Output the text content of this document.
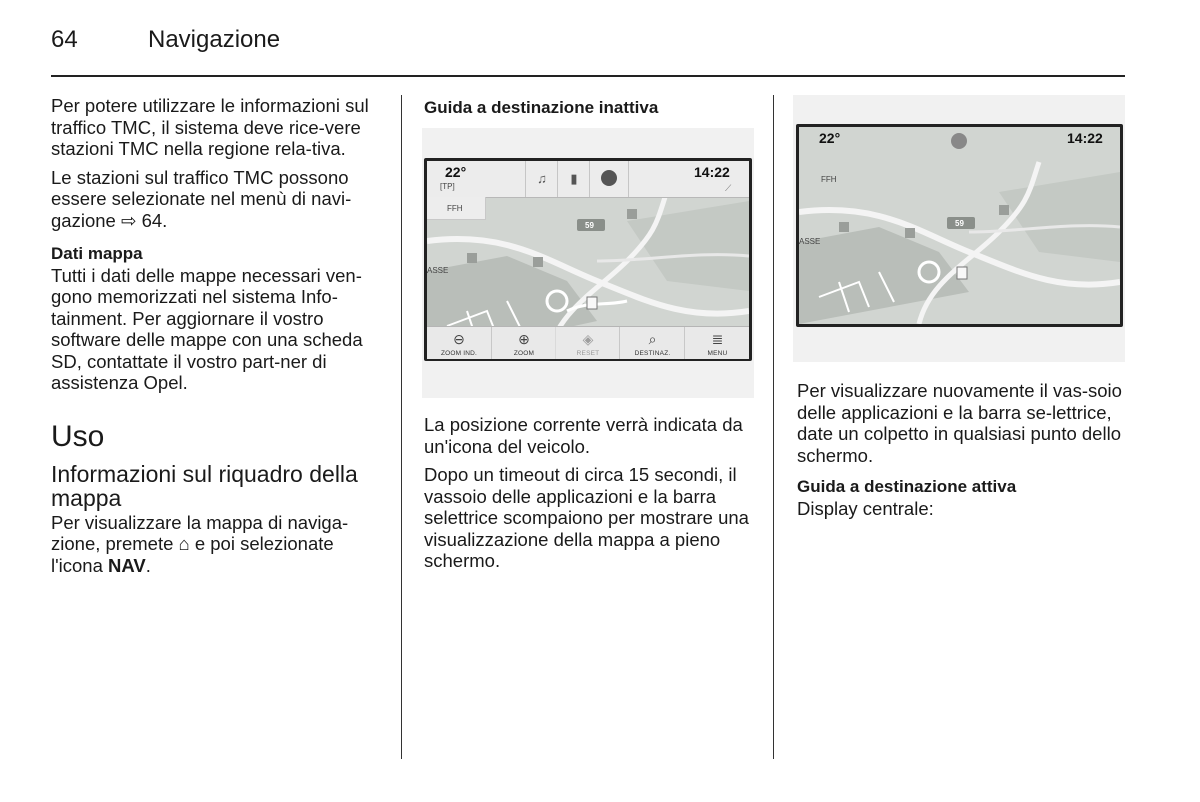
64	Navigazione

Per potere utilizzare le informazioni sul traffico TMC, il sistema deve rice-vere stazioni TMC nella regione rela-tiva.

Le stazioni sul traffico TMC possono essere selezionate nel menù di navi-gazione ⇨ 64.

Dati mappa

Tutti i dati delle mappe necessari ven-gono memorizzati nel sistema Info-tainment. Per aggiornare il vostro software delle mappe con una scheda SD, contattate il vostro part-ner di assistenza Opel.

Uso
Informazioni sul riquadro della mappa

Per visualizzare la mappa di naviga-zione, premete ⌂ e poi selezionate l'icona NAV.

Guida a destinazione inattiva

59
ASSE
22°
[TP]
14:22
♫	▮
⟋
FFH
⊖
ZOOM IND.
⊕
ZOOM
◈
RESET
⌕
DESTINAZ.
≣
MENU

La posizione corrente verrà indicata da un'icona del veicolo.

Dopo un timeout di circa 15 secondi, il vassoio delle applicazioni e la barra selettrice scompaiono per mostrare una visualizzazione della mappa a pieno schermo.

22°	14:22
FFH
59
ASSE

Per visualizzare nuovamente il vas-soio delle applicazioni e la barra se-lettrice, date un colpetto in qualsiasi punto dello schermo.

Guida a destinazione attiva

Display centrale:
